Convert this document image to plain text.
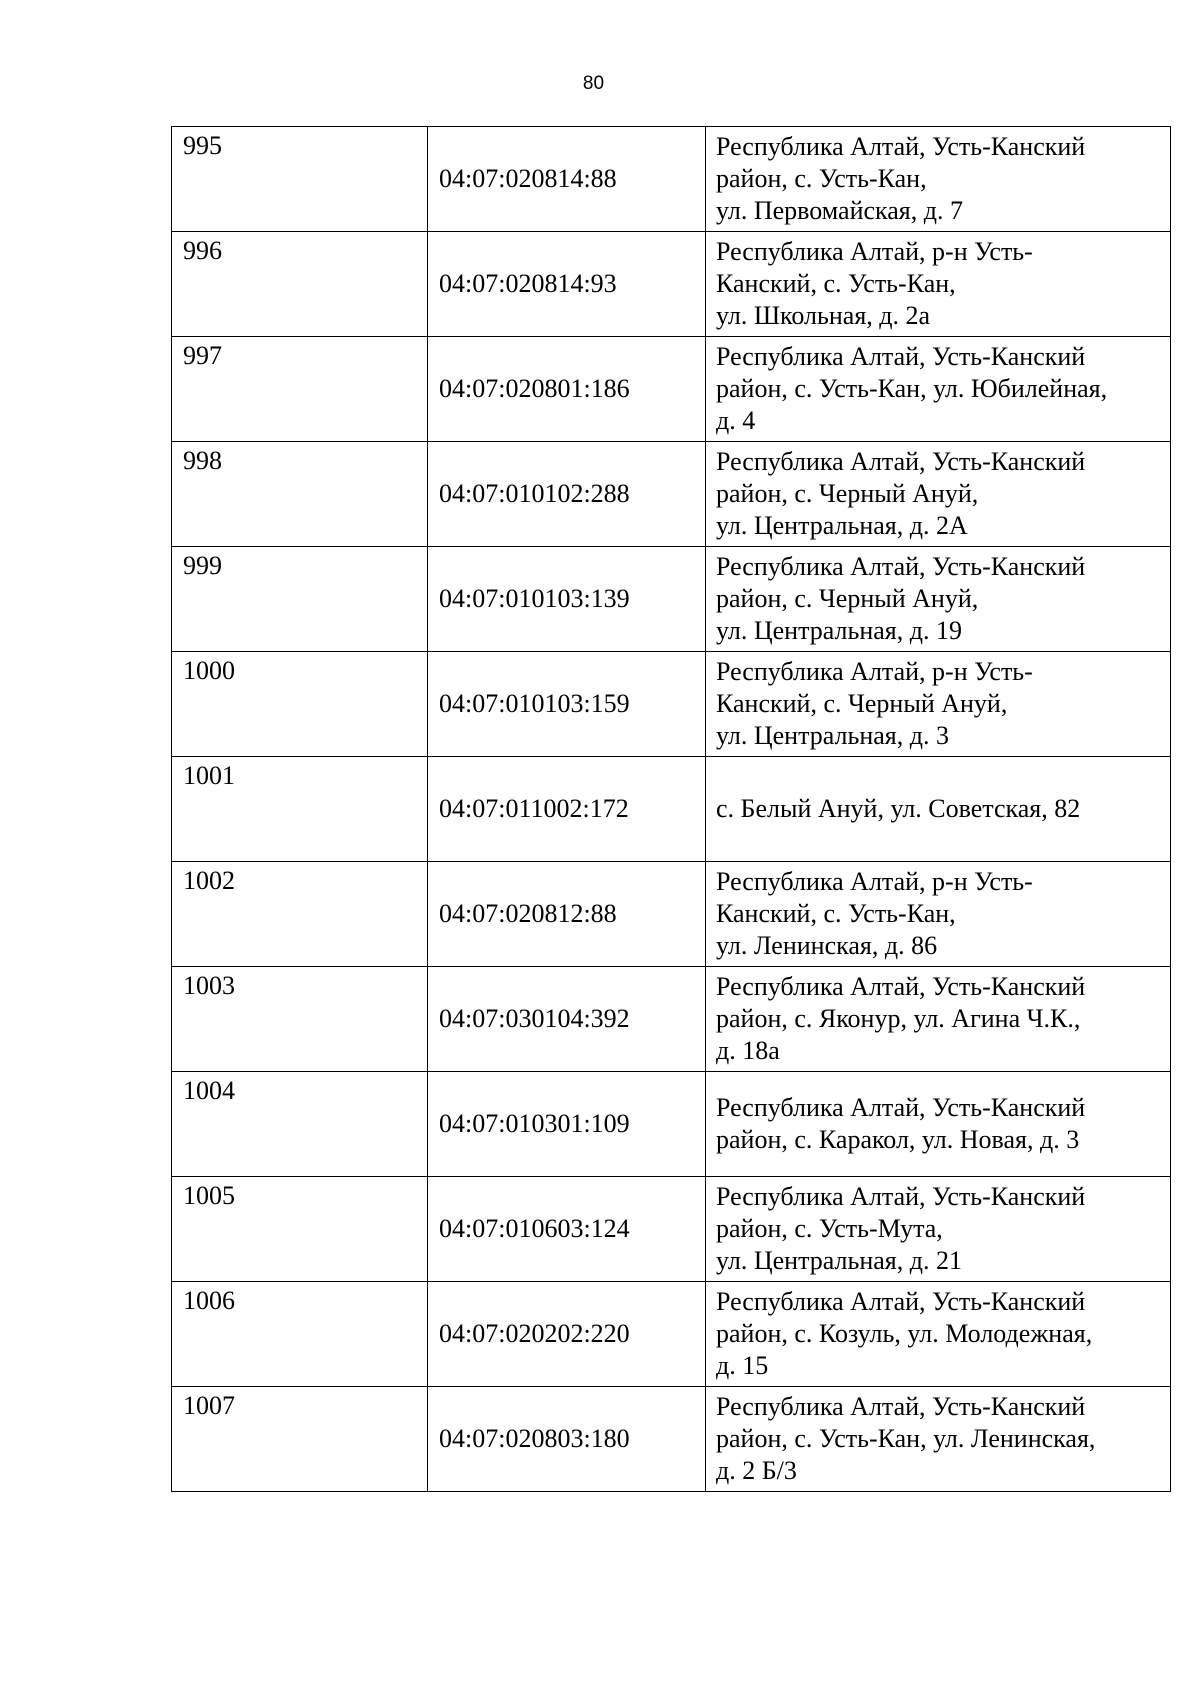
80
995	04:07:020814:88	Республика Алтай, Усть-Канский
район, с. Усть-Кан,
ул. Первомайская, д. 7

996	04:07:020814:93	Республика Алтай, р-н Усть-
Канский, с. Усть-Кан,
ул. Школьная, д. 2а

997	04:07:020801:186	Республика Алтай, Усть-Канский
район, с. Усть-Кан, ул. Юбилейная,
д. 4

998	04:07:010102:288	Республика Алтай, Усть-Канский
район, с. Черный Ануй,
ул. Центральная, д. 2А

999	04:07:010103:139	Республика Алтай, Усть-Канский
район, с. Черный Ануй,
ул. Центральная, д. 19

1000	04:07:010103:159	Республика Алтай, р-н Усть-
Канский, с. Черный Ануй,
ул. Центральная, д. 3

1001	04:07:011002:172	с. Белый Ануй, ул. Советская, 82

1002	04:07:020812:88	Республика Алтай, р-н Усть-
Канский, с. Усть-Кан,
ул. Ленинская, д. 86

1003	04:07:030104:392	Республика Алтай, Усть-Канский
район, с. Яконур, ул. Агина Ч.К.,
д. 18а

1004	04:07:010301:109	Республика Алтай, Усть-Канский
район, с. Каракол, ул. Новая, д. 3

1005	04:07:010603:124	Республика Алтай, Усть-Канский
район, с. Усть-Мута,
ул. Центральная, д. 21

1006	04:07:020202:220	Республика Алтай, Усть-Канский
район, с. Козуль, ул. Молодежная,
д. 15

1007	04:07:020803:180	Республика Алтай, Усть-Канский
район, с. Усть-Кан, ул. Ленинская,
д. 2 Б/3
